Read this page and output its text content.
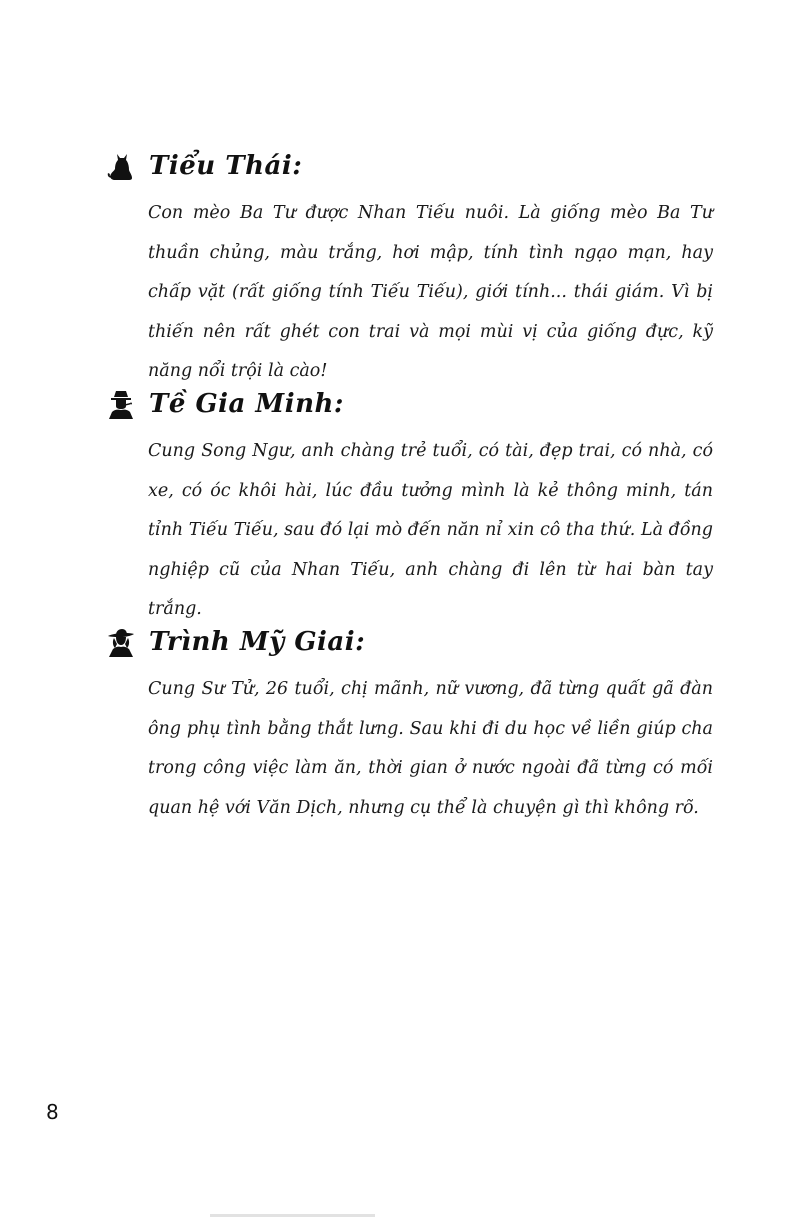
Tiểu Thái:

Con mèo Ba Tư được Nhan Tiếu nuôi. Là giống mèo Ba Tư thuần chủng, màu trắng, hơi mập, tính tình ngạo mạn, hay chấp vặt (rất giống tính Tiếu Tiếu), giới tính... thái giám. Vì bị thiến nên rất ghét con trai và mọi mùi vị của giống đực, kỹ năng nổi trội là cào!

Tề Gia Minh:

Cung Song Ngư, anh chàng trẻ tuổi, có tài, đẹp trai, có nhà, có xe, có óc khôi hài, lúc đầu tưởng mình là kẻ thông minh, tán tỉnh Tiếu Tiếu, sau đó lại mò đến năn nỉ xin cô tha thứ. Là đồng nghiệp cũ của Nhan Tiếu, anh chàng đi lên từ hai bàn tay trắng.

Trình Mỹ Giai:

Cung Sư Tử, 26 tuổi, chị mãnh, nữ vương, đã từng quất gã đàn ông phụ tình bằng thắt lưng. Sau khi đi du học về liền giúp cha trong công việc làm ăn, thời gian ở nước ngoài đã từng có mối quan hệ với Văn Dịch, nhưng cụ thể là chuyện gì thì không rõ.

8
